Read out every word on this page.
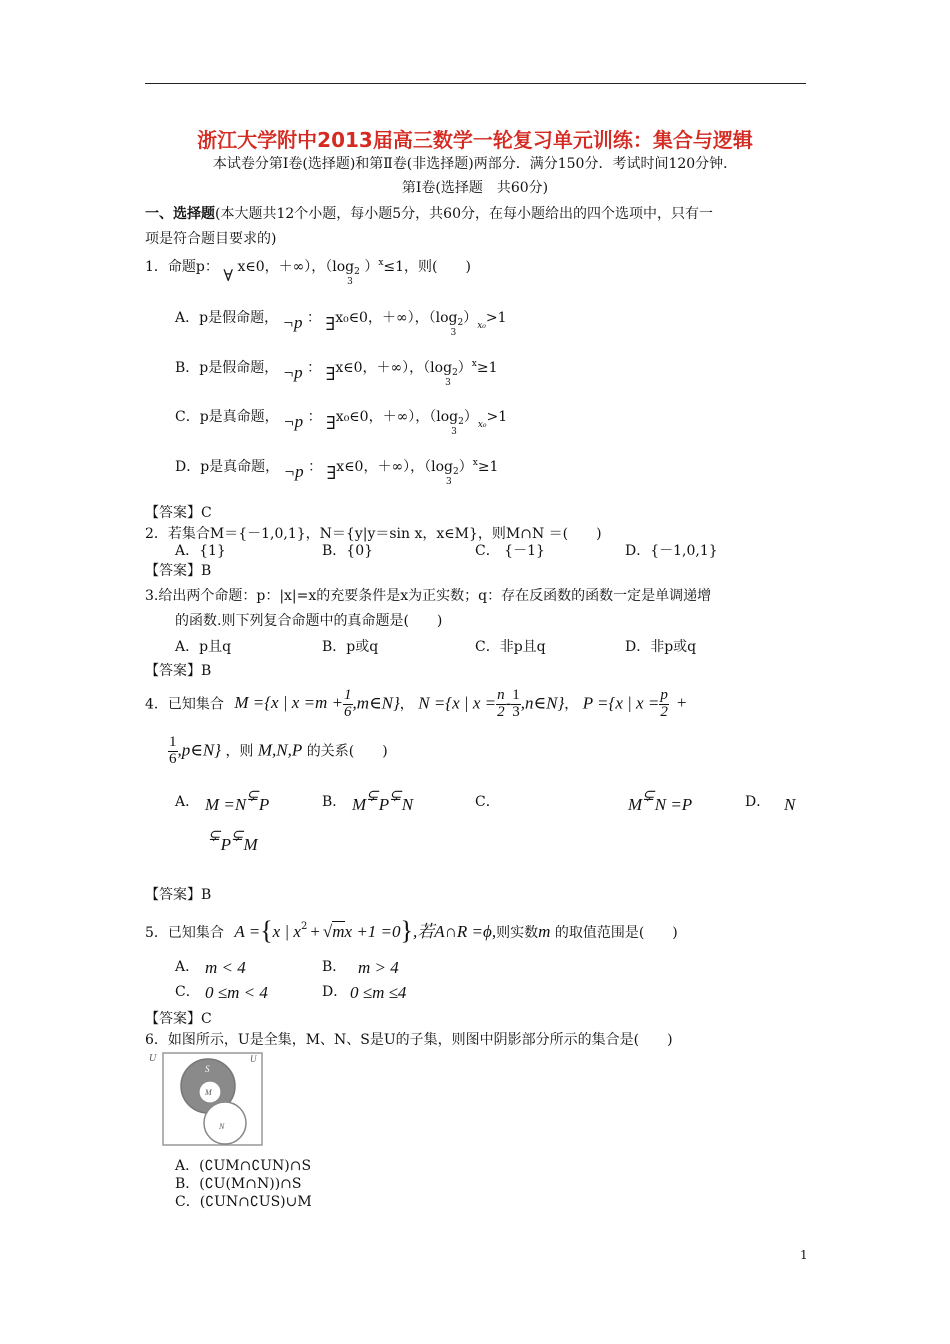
浙江大学附中2013届高三数学一轮复习单元训练：集合与逻辑
本试卷分第Ⅰ卷(选择题)和第Ⅱ卷(非选择题)两部分．满分150分．考试时间120分钟．
第Ⅰ卷(选择题　共60分)
一、选择题(本大题共12个小题，每小题5分，共60分，在每小题给出的四个选项中，只有一
项是符合题目要求的)
1．命题p： ∀ x∈0，＋∞），（$\log_2$
3
）$^x$≤1，则(　　)
A．p是假命题， ¬p ： ∃x₀∈0，＋∞），（$\log_2$
3
）$_{x_0}>1$
B．p是假命题， ¬p ： ∃x∈0，＋∞），（$\log_2$
3
）$^x$≥1
C．p是真命题， ¬p ： ∃x₀∈0，＋∞），（$\log_2$
3
）$_{x_0}>1$
D．p是真命题， ¬p ： ∃x∈0，＋∞），（$\log_2$
3
）$^x$≥1
【答案】C
2．若集合M＝{－1,0,1}，N＝{y|y＝sin x，x∈M}，则M∩N ＝(　　)
A．{1}	B．{0}	C． {－1}	D．{－1,0,1}
【答案】B
3.给出两个命题：p：|x|=x的充要条件是x为正实数；q：存在反函数的函数一定是单调递增
的函数.则下列复合命题中的真命题是(　　)
A．p且q	B．p或q	C．非p且q	D．非p或q
【答案】B
4．已知集合 M ={x | $x =m + \frac{1}{6}$ ,m∈N}， N ={x | $x = \frac{n}{2} - \frac{1}{3}$ ,n∈N}， P ={x | $x = \frac{p}{2}$ +
$\frac{1}{6}$ ,p∈N} ，则 M,N,P 的关系(　　)
A． M =N⊊P	B． M⊊P⊊N	C．	M⊊N =P	D． N
⊊P⊊M
【答案】B
5．已知集合 A ={x | $x^2 + √mx +1 =0$},若A∩R =ϕ,则实数m 的取值范围是(　　)
A． m < 4	B． m > 4
C． 0 ≤m < 4	D． 0 ≤m ≤4
【答案】C
6．如图所示，U是全集，M、N、S是U的子集，则图中阴影部分所示的集合是(　　)
U	U
S
M
N
A．(∁UM∩∁UN)∩S
B．(∁U(M∩N))∩S
C．(∁UN∩∁US)∪M
1
